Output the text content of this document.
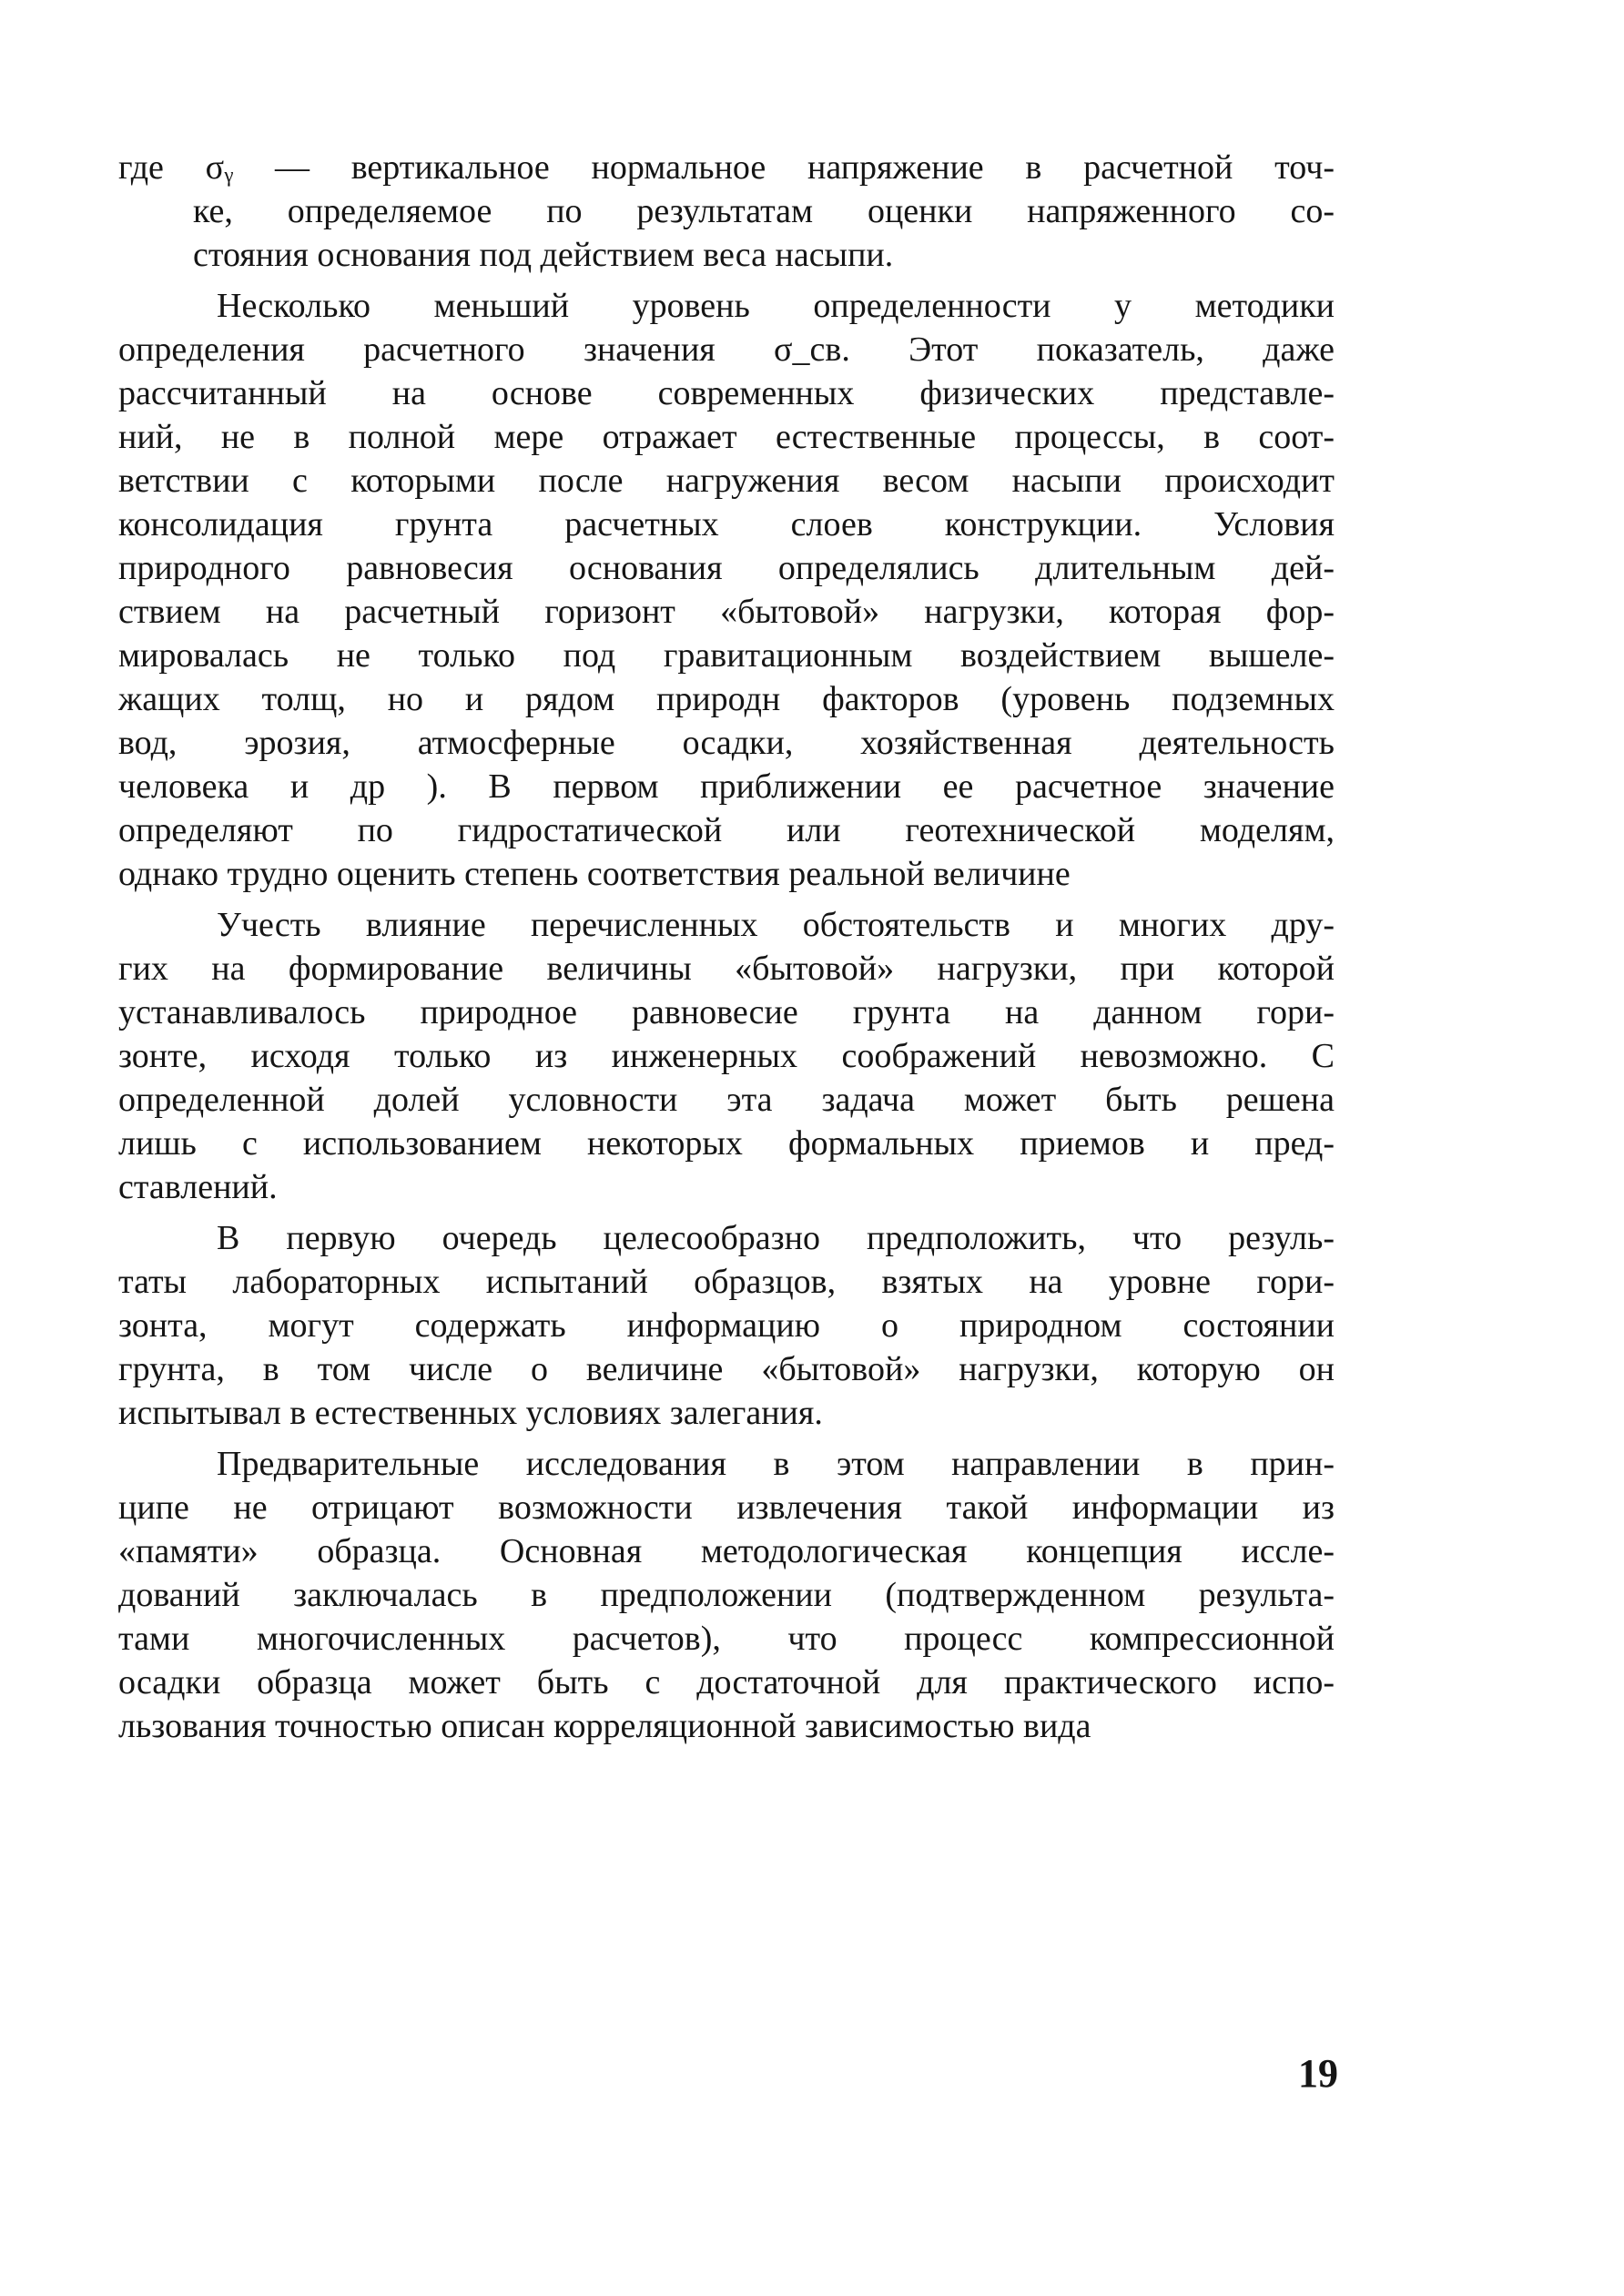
где σᵧ — вертикальное нормальное напряжение в расчетной точ-
ке, определяемое по результатам оценки напряженного со-
стояния основания под действием веса насыпи.
Несколько меньший уровень определенности у методики
определения расчетного значения σ_св. Этот показатель, даже
рассчитанный на основе современных физических представле-
ний, не в полной мере отражает естественные процессы, в соот-
ветствии с которыми после нагружения весом насыпи происходит
консолидация грунта расчетных слоев конструкции. Условия
природного равновесия основания определялись длительным дей-
ствием на расчетный горизонт «бытовой» нагрузки, которая фор-
мировалась не только под гравитационным воздействием вышеле-
жащих толщ, но и рядом природн факторов (уровень подземных
вод, эрозия, атмосферные осадки, хозяйственная деятельность
человека и др ). В первом приближении ее расчетное значение
определяют по гидростатической или геотехнической моделям,
однако трудно оценить степень соответствия реальной величине
Учесть влияние перечисленных обстоятельств и многих дру-
гих на формирование величины «бытовой» нагрузки, при которой
устанавливалось природное равновесие грунта на данном гори-
зонте, исходя только из инженерных соображений невозможно. С
определенной долей условности эта задача может быть решена
лишь с использованием некоторых формальных приемов и пред-
ставлений.
В первую очередь целесообразно предположить, что резуль-
таты лабораторных испытаний образцов, взятых на уровне гори-
зонта, могут содержать информацию о природном состоянии
грунта, в том числе о величине «бытовой» нагрузки, которую он
испытывал в естественных условиях залегания.
Предварительные исследования в этом направлении в прин-
ципе не отрицают возможности извлечения такой информации из
«памяти» образца. Основная методологическая концепция иссле-
дований заключалась в предположении (подтвержденном результа-
тами многочисленных расчетов), что процесс компрессионной
осадки образца может быть с достаточной для практического испо-
льзования точностью описан корреляционной зависимостью вида
19
